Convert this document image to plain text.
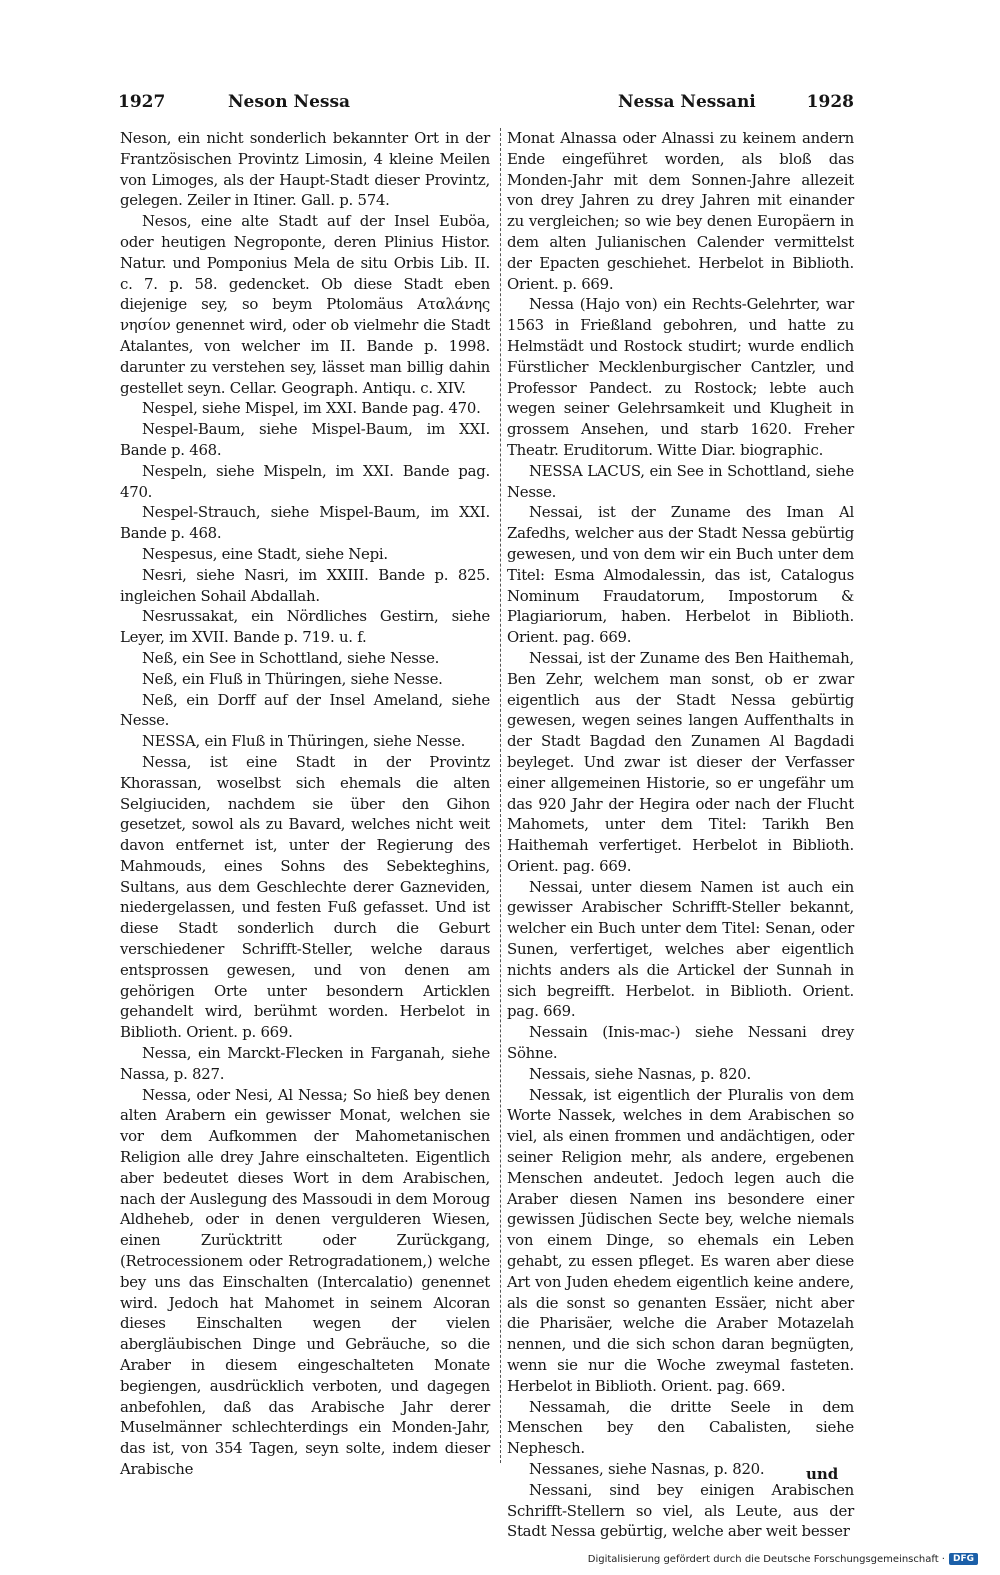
1927	Neson Nessa	Nessa Nessani	1928

Neson, ein nicht sonderlich bekannter Ort in der Frantzösischen Provintz Limosin, 4 kleine Meilen von Limoges, als der Haupt-Stadt dieser Provintz, gelegen. Zeiler in Itiner. Gall. p. 574.

Nesos, eine alte Stadt auf der Insel Euböa, oder heutigen Negroponte, deren Plinius Histor. Natur. und Pomponius Mela de situ Orbis Lib. II. c. 7. p. 58. gedencket. Ob diese Stadt eben diejenige sey, so beym Ptolomäus Αταλάνης νησίον genennet wird, oder ob vielmehr die Stadt Atalantes, von welcher im II. Bande p. 1998. darunter zu verstehen sey, lässet man billig dahin gestellet seyn. Cellar. Geograph. Antiqu. c. XIV.

Nespel, siehe Mispel, im XXI. Bande pag. 470.

Nespel-Baum, siehe Mispel-Baum, im XXI. Bande p. 468.

Nespeln, siehe Mispeln, im XXI. Bande pag. 470.

Nespel-Strauch, siehe Mispel-Baum, im XXI. Bande p. 468.

Nespesus, eine Stadt, siehe Nepi.

Nesri, siehe Nasri, im XXIII. Bande p. 825. ingleichen Sohail Abdallah.

Nesrussakat, ein Nördliches Gestirn, siehe Leyer, im XVII. Bande p. 719. u. f.

Neß, ein See in Schottland, siehe Nesse.

Neß, ein Fluß in Thüringen, siehe Nesse.

Neß, ein Dorff auf der Insel Ameland, siehe Nesse.

NESSA, ein Fluß in Thüringen, siehe Nesse.

Nessa, ist eine Stadt in der Provintz Khorassan, woselbst sich ehemals die alten Selgiuciden, nachdem sie über den Gihon gesetzet, sowol als zu Bavard, welches nicht weit davon entfernet ist, unter der Regierung des Mahmouds, eines Sohns des Sebekteghins, Sultans, aus dem Geschlechte derer Gazneviden, niedergelassen, und festen Fuß gefasset. Und ist diese Stadt sonderlich durch die Geburt verschiedener Schrifft-Steller, welche daraus entsprossen gewesen, und von denen am gehörigen Orte unter besondern Articklen gehandelt wird, berühmt worden. Herbelot in Biblioth. Orient. p. 669.

Nessa, ein Marckt-Flecken in Farganah, siehe Nassa, p. 827.

Nessa, oder Nesi, Al Nessa; So hieß bey denen alten Arabern ein gewisser Monat, welchen sie vor dem Aufkommen der Mahometanischen Religion alle drey Jahre einschalteten. Eigentlich aber bedeutet dieses Wort in dem Arabischen, nach der Auslegung des Massoudi in dem Moroug Aldheheb, oder in denen vergulderen Wiesen, einen Zurücktritt oder Zurückgang, (Retrocessionem oder Retrogradationem,) welche bey uns das Einschalten (Intercalatio) genennet wird. Jedoch hat Mahomet in seinem Alcoran dieses Einschalten wegen der vielen abergläubischen Dinge und Gebräuche, so die Araber in diesem eingeschalteten Monate begiengen, ausdrücklich verboten, und dagegen anbefohlen, daß das Arabische Jahr derer Muselmänner schlechterdings ein Monden-Jahr, das ist, von 354 Tagen, seyn solte, indem dieser Arabische

Monat Alnassa oder Alnassi zu keinem andern Ende eingeführet worden, als bloß das Monden-Jahr mit dem Sonnen-Jahre allezeit von drey Jahren zu drey Jahren mit einander zu vergleichen; so wie bey denen Europäern in dem alten Julianischen Calender vermittelst der Epacten geschiehet. Herbelot in Biblioth. Orient. p. 669.

Nessa (Hajo von) ein Rechts-Gelehrter, war 1563 in Frießland gebohren, und hatte zu Helmstädt und Rostock studirt; wurde endlich Fürstlicher Mecklenburgischer Cantzler, und Professor Pandect. zu Rostock; lebte auch wegen seiner Gelehrsamkeit und Klugheit in grossem Ansehen, und starb 1620. Freher Theatr. Eruditorum. Witte Diar. biographic.

NESSA LACUS, ein See in Schottland, siehe Nesse.

Nessai, ist der Zuname des Iman Al Zafedhs, welcher aus der Stadt Nessa gebürtig gewesen, und von dem wir ein Buch unter dem Titel: Esma Almodalessin, das ist, Catalogus Nominum Fraudatorum, Impostorum & Plagiariorum, haben. Herbelot in Biblioth. Orient. pag. 669.

Nessai, ist der Zuname des Ben Haithemah, Ben Zehr, welchem man sonst, ob er zwar eigentlich aus der Stadt Nessa gebürtig gewesen, wegen seines langen Auffenthalts in der Stadt Bagdad den Zunamen Al Bagdadi beyleget. Und zwar ist dieser der Verfasser einer allgemeinen Historie, so er ungefähr um das 920 Jahr der Hegira oder nach der Flucht Mahomets, unter dem Titel: Tarikh Ben Haithemah verfertiget. Herbelot in Biblioth. Orient. pag. 669.

Nessai, unter diesem Namen ist auch ein gewisser Arabischer Schrifft-Steller bekannt, welcher ein Buch unter dem Titel: Senan, oder Sunen, verfertiget, welches aber eigentlich nichts anders als die Artickel der Sunnah in sich begreifft. Herbelot. in Biblioth. Orient. pag. 669.

Nessain (Inis-mac-) siehe Nessani drey Söhne.

Nessais, siehe Nasnas, p. 820.

Nessak, ist eigentlich der Pluralis von dem Worte Nassek, welches in dem Arabischen so viel, als einen frommen und andächtigen, oder seiner Religion mehr, als andere, ergebenen Menschen andeutet. Jedoch legen auch die Araber diesen Namen ins besondere einer gewissen Jüdischen Secte bey, welche niemals von einem Dinge, so ehemals ein Leben gehabt, zu essen pfleget. Es waren aber diese Art von Juden ehedem eigentlich keine andere, als die sonst so genanten Essäer, nicht aber die Pharisäer, welche die Araber Motazelah nennen, und die sich schon daran begnügten, wenn sie nur die Woche zweymal fasteten. Herbelot in Biblioth. Orient. pag. 669.

Nessamah, die dritte Seele in dem Menschen bey den Cabalisten, siehe Nephesch.

Nessanes, siehe Nasnas, p. 820.

Nessani, sind bey einigen Arabischen Schrifft-Stellern so viel, als Leute, aus der Stadt Nessa gebürtig, welche aber weit besser

und
Digitalisierung gefördert durch die Deutsche Forschungsgemeinschaft · DFG
